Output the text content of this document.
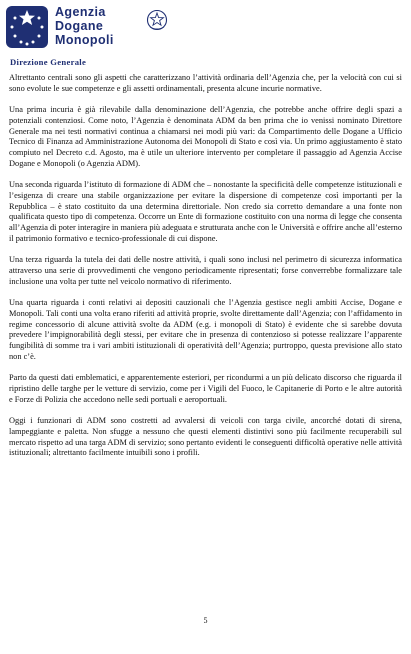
Agenzia
Dogane
Monopoli
Direzione Generale

Altrettanto centrali sono gli aspetti che caratterizzano l’attività ordinaria dell’Agenzia che, per la velocità con cui si sono evolute le sue competenze e gli assetti ordinamentali, presenta alcune incurie normative.

Una prima incuria è già rilevabile dalla denominazione dell’Agenzia, che potrebbe anche offrire degli spazi a potenziali contenziosi. Come noto, l’Agenzia è denominata ADM da ben prima che io venissi nominato Direttore Generale ma nei testi normativi continua a chiamarsi nei modi più vari: da Compartimento delle Dogane a Ufficio Tecnico di Finanza ad Amministrazione Autonoma dei Monopoli di Stato e così via. Un primo aggiustamento è stato compiuto nel Decreto c.d. Agosto, ma è utile un ulteriore intervento per completare il passaggio ad Agenzia Accise Dogane e Monopoli (o Agenzia ADM).

Una seconda riguarda l’istituto di formazione di ADM che – nonostante la specificità delle competenze istituzionali e l’esigenza di creare una stabile organizzazione per evitare la dispersione di competenze così importanti per la Repubblica – è stato costituito da una determina direttoriale. Non credo sia corretto demandare a una fonte non qualificata questo tipo di competenza. Occorre un Ente di formazione costituito con una norma di legge che consenta all’Agenzia di poter interagire in maniera più adeguata e strutturata anche con le Università e offrire anche all’esterno il patrimonio formativo e tecnico-professionale di cui dispone.

Una terza riguarda la tutela dei dati delle nostre attività, i quali sono inclusi nel perimetro di sicurezza informatica attraverso una serie di provvedimenti che vengono periodicamente ripresentati; forse converrebbe formalizzare tale inclusione una volta per tutte nel veicolo normativo di riferimento.

Una quarta riguarda i conti relativi ai depositi cauzionali che l’Agenzia gestisce negli ambiti Accise, Dogane e Monopoli. Tali conti una volta erano riferiti ad attività proprie, svolte direttamente dall’Agenzia; con l’affidamento in regime concessorio di alcune attività svolte da ADM (e.g. i monopoli di Stato) è evidente che si sarebbe dovuta prevedere l’impignorabilità degli stessi, per evitare che in presenza di contenzioso si potesse realizzare l’apparente fungibilità di somme tra i vari ambiti istituzionali di operatività dell’Agenzia; purtroppo, questa previsione allo stato non c’è.

Parto da questi dati emblematici, e apparentemente esteriori, per ricondurmi a un più delicato discorso che riguarda il ripristino delle targhe per le vetture di servizio, come per i Vigili del Fuoco, le Capitanerie di Porto e le altre autorità e Forze di Polizia che accedono nelle sedi portuali e aeroportuali.

Oggi i funzionari di ADM sono costretti ad avvalersi di veicoli con targa civile, ancorché dotati di sirena, lampeggiante e paletta. Non sfugge a nessuno che questi elementi distintivi sono più facilmente recuperabili sul mercato rispetto ad una targa ADM di servizio; sono pertanto evidenti le conseguenti difficoltà operative nelle attività istituzionali; altrettanto facilmente intuibili sono i profili.

5
